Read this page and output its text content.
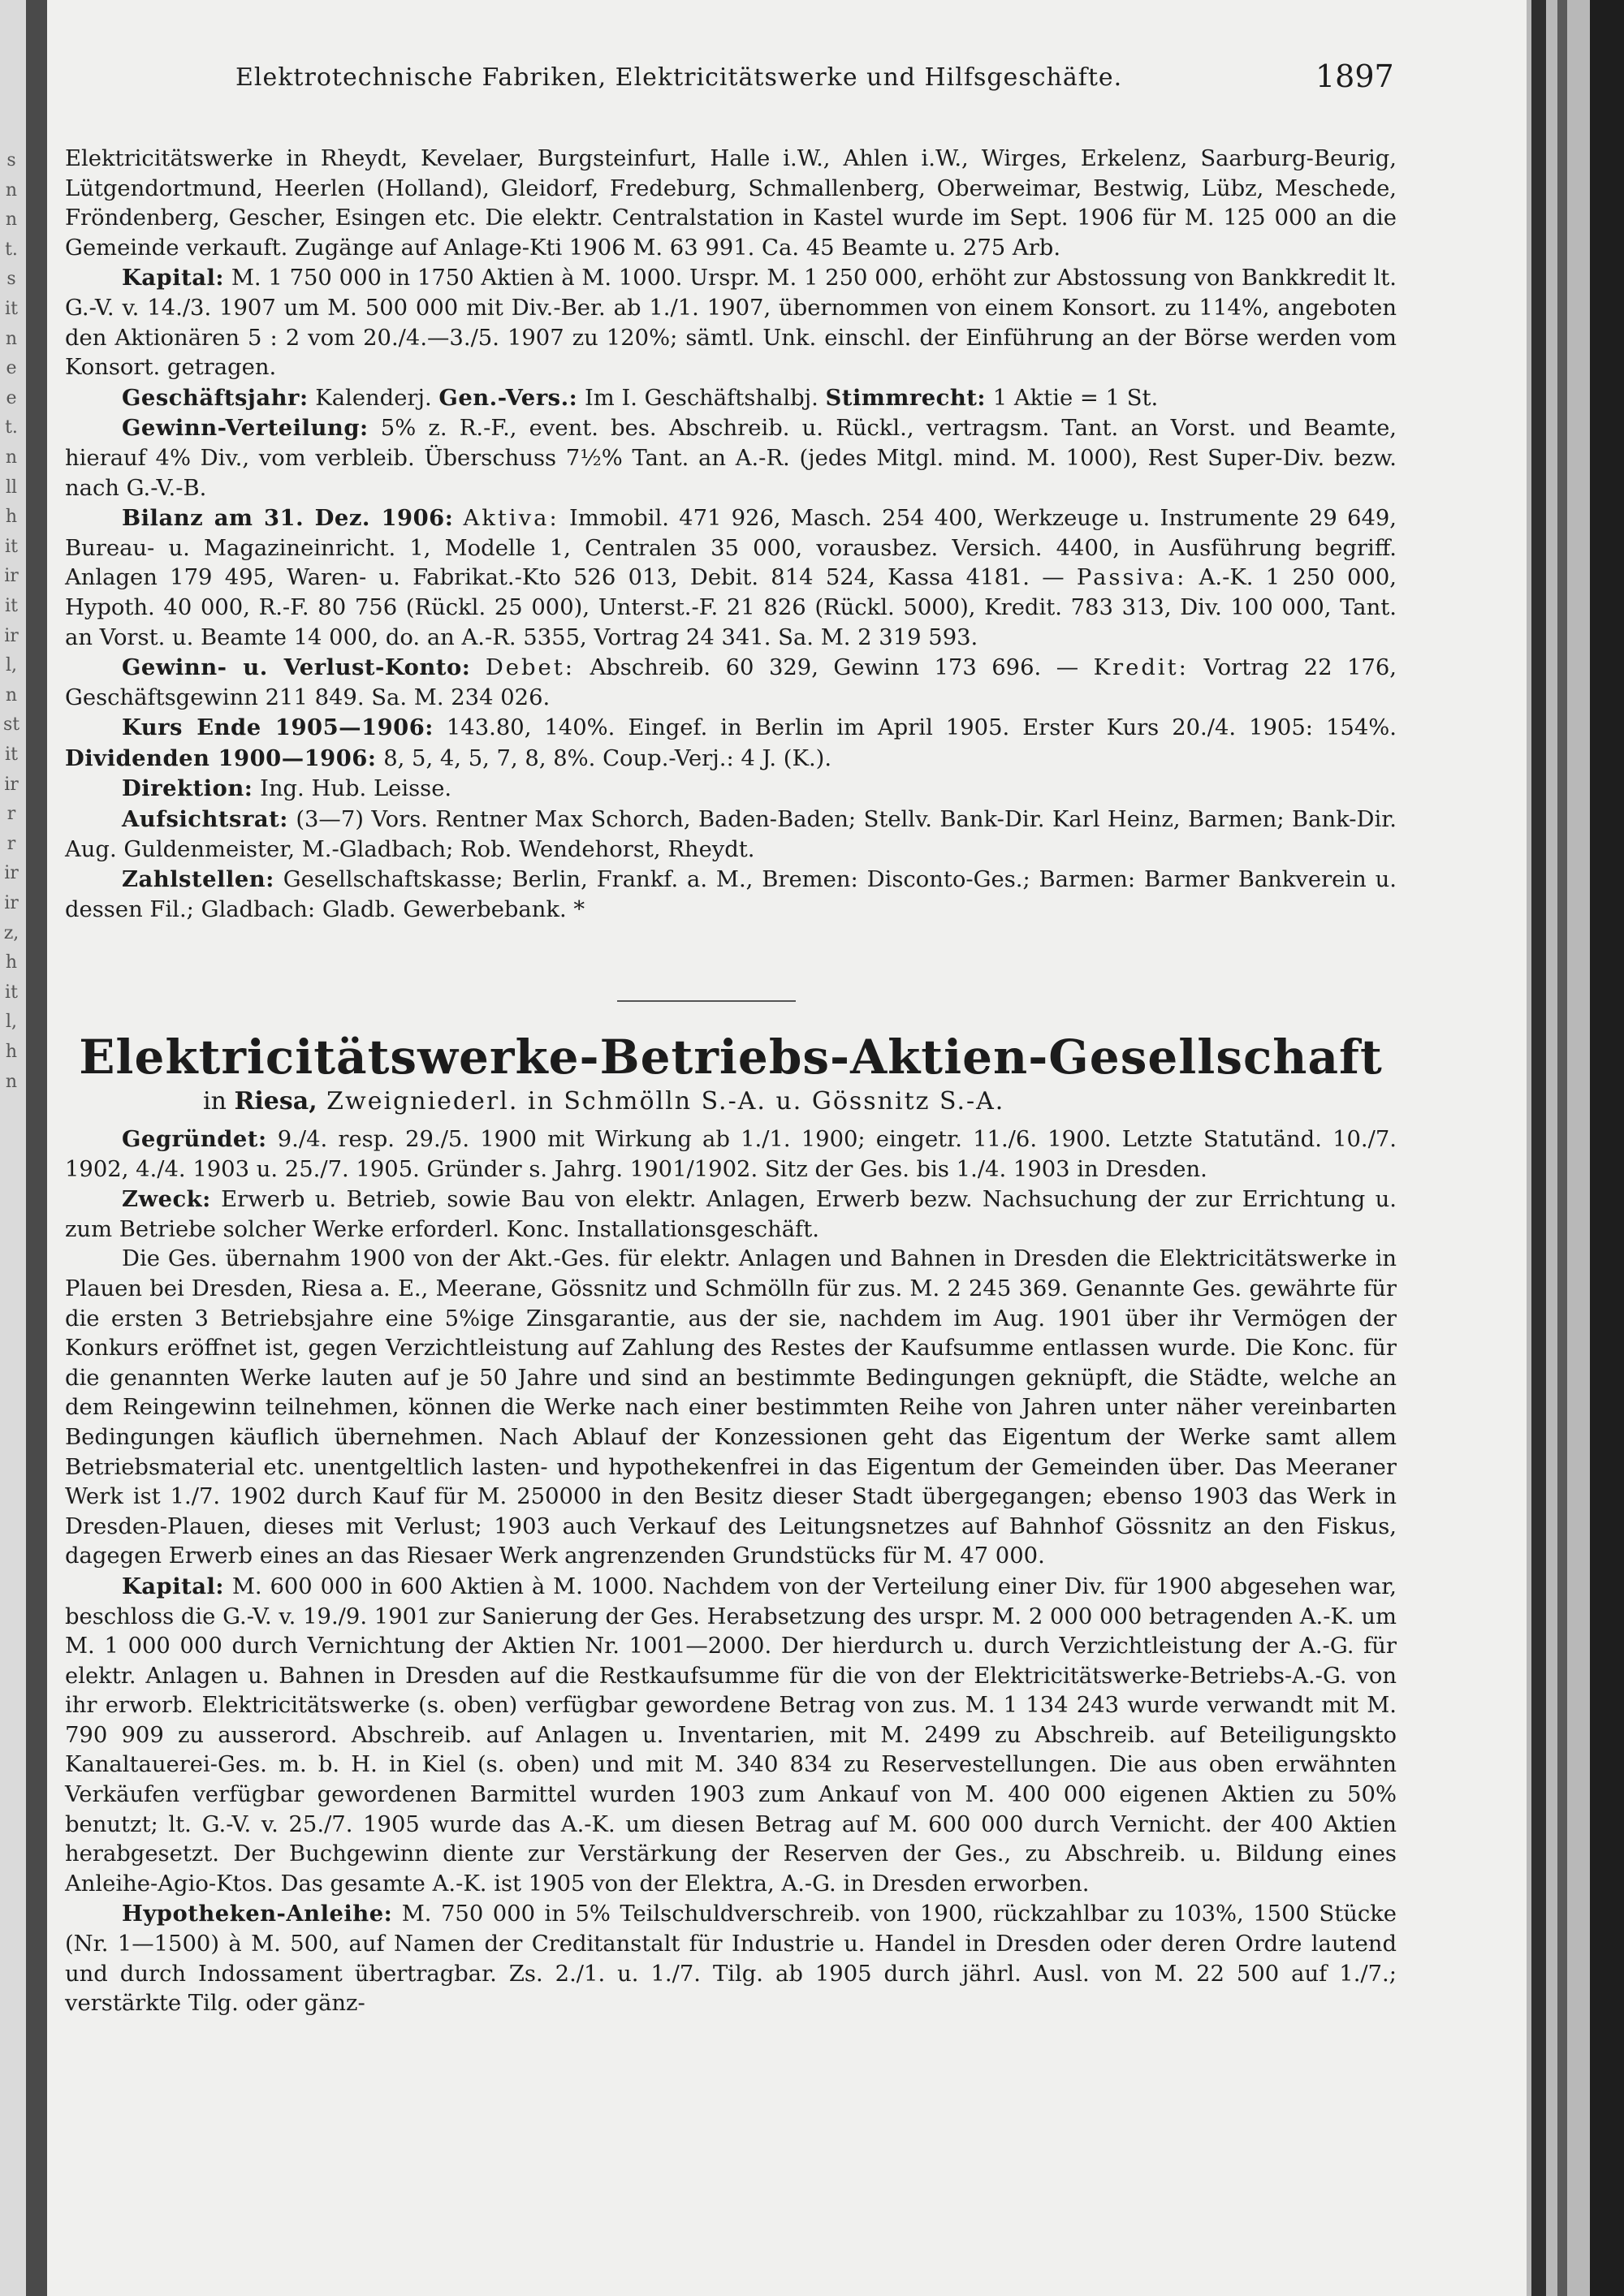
s
n
n
t.
s
it
n
e
e
t.
n
ll
h
it
ir
it
ir
l,
n
st
it
ir
r
r
ir
ir
z,
h
it
l,
h
n
Elektrotechnische Fabriken, Elektricitätswerke und Hilfsgeschäfte.	1897

Elektricitätswerke in Rheydt, Kevelaer, Burgsteinfurt, Halle i.W., Ahlen i.W., Wirges, Erkelenz, Saarburg-Beurig, Lütgendortmund, Heerlen (Holland), Gleidorf, Fredeburg, Schmallenberg, Oberweimar, Bestwig, Lübz, Meschede, Fröndenberg, Gescher, Esingen etc. Die elektr. Centralstation in Kastel wurde im Sept. 1906 für M. 125 000 an die Gemeinde verkauft. Zugänge auf Anlage-Kti 1906 M. 63 991. Ca. 45 Beamte u. 275 Arb.

Kapital: M. 1 750 000 in 1750 Aktien à M. 1000. Urspr. M. 1 250 000, erhöht zur Abstossung von Bankkredit lt. G.-V. v. 14./3. 1907 um M. 500 000 mit Div.-Ber. ab 1./1. 1907, übernommen von einem Konsort. zu 114%, angeboten den Aktionären 5 : 2 vom 20./4.—3./5. 1907 zu 120%; sämtl. Unk. einschl. der Einführung an der Börse werden vom Konsort. getragen.

Geschäftsjahr: Kalenderj. Gen.-Vers.: Im I. Geschäftshalbj. Stimmrecht: 1 Aktie = 1 St.

Gewinn-Verteilung: 5% z. R.-F., event. bes. Abschreib. u. Rückl., vertragsm. Tant. an Vorst. und Beamte, hierauf 4% Div., vom verbleib. Überschuss 7½% Tant. an A.-R. (jedes Mitgl. mind. M. 1000), Rest Super-Div. bezw. nach G.-V.-B.

Bilanz am 31. Dez. 1906: Aktiva: Immobil. 471 926, Masch. 254 400, Werkzeuge u. Instrumente 29 649, Bureau- u. Magazineinricht. 1, Modelle 1, Centralen 35 000, vorausbez. Versich. 4400, in Ausführung begriff. Anlagen 179 495, Waren- u. Fabrikat.-Kto 526 013, Debit. 814 524, Kassa 4181. — Passiva: A.-K. 1 250 000, Hypoth. 40 000, R.-F. 80 756 (Rückl. 25 000), Unterst.-F. 21 826 (Rückl. 5000), Kredit. 783 313, Div. 100 000, Tant. an Vorst. u. Beamte 14 000, do. an A.-R. 5355, Vortrag 24 341. Sa. M. 2 319 593.

Gewinn- u. Verlust-Konto: Debet: Abschreib. 60 329, Gewinn 173 696. — Kredit: Vortrag 22 176, Geschäftsgewinn 211 849. Sa. M. 234 026.

Kurs Ende 1905—1906: 143.80, 140%. Eingef. in Berlin im April 1905. Erster Kurs 20./4. 1905: 154%. Dividenden 1900—1906: 8, 5, 4, 5, 7, 8, 8%. Coup.-Verj.: 4 J. (K.).

Direktion: Ing. Hub. Leisse.

Aufsichtsrat: (3—7) Vors. Rentner Max Schorch, Baden-Baden; Stellv. Bank-Dir. Karl Heinz, Barmen; Bank-Dir. Aug. Guldenmeister, M.-Gladbach; Rob. Wendehorst, Rheydt.

Zahlstellen: Gesellschaftskasse; Berlin, Frankf. a. M., Bremen: Disconto-Ges.; Barmen: Barmer Bankverein u. dessen Fil.; Gladbach: Gladb. Gewerbebank. *

Elektricitätswerke-Betriebs-Aktien-Gesellschaft
in Riesa, Zweigniederl. in Schmölln S.-A. u. Gössnitz S.-A.

Gegründet: 9./4. resp. 29./5. 1900 mit Wirkung ab 1./1. 1900; eingetr. 11./6. 1900. Letzte Statutänd. 10./7. 1902, 4./4. 1903 u. 25./7. 1905. Gründer s. Jahrg. 1901/1902. Sitz der Ges. bis 1./4. 1903 in Dresden.

Zweck: Erwerb u. Betrieb, sowie Bau von elektr. Anlagen, Erwerb bezw. Nachsuchung der zur Errichtung u. zum Betriebe solcher Werke erforderl. Konc. Installationsgeschäft.

Die Ges. übernahm 1900 von der Akt.-Ges. für elektr. Anlagen und Bahnen in Dresden die Elektricitätswerke in Plauen bei Dresden, Riesa a. E., Meerane, Gössnitz und Schmölln für zus. M. 2 245 369. Genannte Ges. gewährte für die ersten 3 Betriebsjahre eine 5%ige Zinsgarantie, aus der sie, nachdem im Aug. 1901 über ihr Vermögen der Konkurs eröffnet ist, gegen Verzichtleistung auf Zahlung des Restes der Kaufsumme entlassen wurde. Die Konc. für die genannten Werke lauten auf je 50 Jahre und sind an bestimmte Bedingungen geknüpft, die Städte, welche an dem Reingewinn teilnehmen, können die Werke nach einer bestimmten Reihe von Jahren unter näher vereinbarten Bedingungen käuflich übernehmen. Nach Ablauf der Konzessionen geht das Eigentum der Werke samt allem Betriebsmaterial etc. unentgeltlich lasten- und hypothekenfrei in das Eigentum der Gemeinden über. Das Meeraner Werk ist 1./7. 1902 durch Kauf für M. 250000 in den Besitz dieser Stadt übergegangen; ebenso 1903 das Werk in Dresden-Plauen, dieses mit Verlust; 1903 auch Verkauf des Leitungsnetzes auf Bahnhof Gössnitz an den Fiskus, dagegen Erwerb eines an das Riesaer Werk angrenzenden Grundstücks für M. 47 000.

Kapital: M. 600 000 in 600 Aktien à M. 1000. Nachdem von der Verteilung einer Div. für 1900 abgesehen war, beschloss die G.-V. v. 19./9. 1901 zur Sanierung der Ges. Herabsetzung des urspr. M. 2 000 000 betragenden A.-K. um M. 1 000 000 durch Vernichtung der Aktien Nr. 1001—2000. Der hierdurch u. durch Verzichtleistung der A.-G. für elektr. Anlagen u. Bahnen in Dresden auf die Restkaufsumme für die von der Elektricitätswerke-Betriebs-A.-G. von ihr erworb. Elektricitätswerke (s. oben) verfügbar gewordene Betrag von zus. M. 1 134 243 wurde verwandt mit M. 790 909 zu ausserord. Abschreib. auf Anlagen u. Inventarien, mit M. 2499 zu Abschreib. auf Beteiligungskto Kanaltauerei-Ges. m. b. H. in Kiel (s. oben) und mit M. 340 834 zu Reservestellungen. Die aus oben erwähnten Verkäufen verfügbar gewordenen Barmittel wurden 1903 zum Ankauf von M. 400 000 eigenen Aktien zu 50% benutzt; lt. G.-V. v. 25./7. 1905 wurde das A.-K. um diesen Betrag auf M. 600 000 durch Vernicht. der 400 Aktien herabgesetzt. Der Buchgewinn diente zur Verstärkung der Reserven der Ges., zu Abschreib. u. Bildung eines Anleihe-Agio-Ktos. Das gesamte A.-K. ist 1905 von der Elektra, A.-G. in Dresden erworben.

Hypotheken-Anleihe: M. 750 000 in 5% Teilschuldverschreib. von 1900, rückzahlbar zu 103%, 1500 Stücke (Nr. 1—1500) à M. 500, auf Namen der Creditanstalt für Industrie u. Handel in Dresden oder deren Ordre lautend und durch Indossament übertragbar. Zs. 2./1. u. 1./7. Tilg. ab 1905 durch jährl. Ausl. von M. 22 500 auf 1./7.; verstärkte Tilg. oder gänz-
